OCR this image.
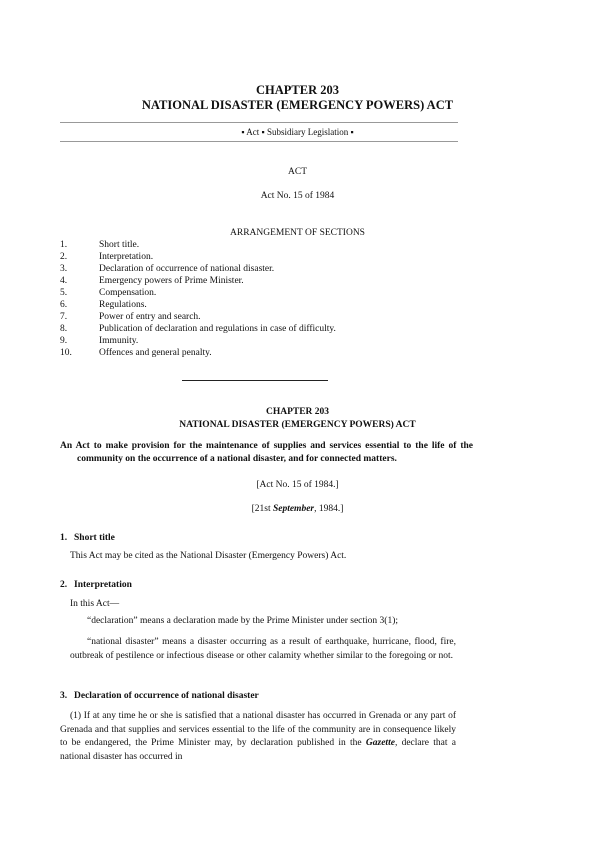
CHAPTER 203
NATIONAL DISASTER (EMERGENCY POWERS) ACT
▪ Act ▪ Subsidiary Legislation ▪
ACT
Act No. 15 of 1984
ARRANGEMENT OF SECTIONS
1.	Short title.
2.	Interpretation.
3.	Declaration of occurrence of national disaster.
4.	Emergency powers of Prime Minister.
5.	Compensation.
6.	Regulations.
7.	Power of entry and search.
8.	Publication of declaration and regulations in case of difficulty.
9.	Immunity.
10.	Offences and general penalty.
CHAPTER 203
NATIONAL DISASTER (EMERGENCY POWERS) ACT
An Act to make provision for the maintenance of supplies and services essential to the life of the community on the occurrence of a national disaster, and for connected matters.
[Act No. 15 of 1984.]
[21st September, 1984.]
1. Short title
This Act may be cited as the National Disaster (Emergency Powers) Act.
2. Interpretation
In this Act—
“declaration” means a declaration made by the Prime Minister under section 3(1);
“national disaster” means a disaster occurring as a result of earthquake, hurricane, flood, fire, outbreak of pestilence or infectious disease or other calamity whether similar to the foregoing or not.
3. Declaration of occurrence of national disaster
(1) If at any time he or she is satisfied that a national disaster has occurred in Grenada or any part of Grenada and that supplies and services essential to the life of the community are in consequence likely to be endangered, the Prime Minister may, by declaration published in the Gazette, declare that a national disaster has occurred in
